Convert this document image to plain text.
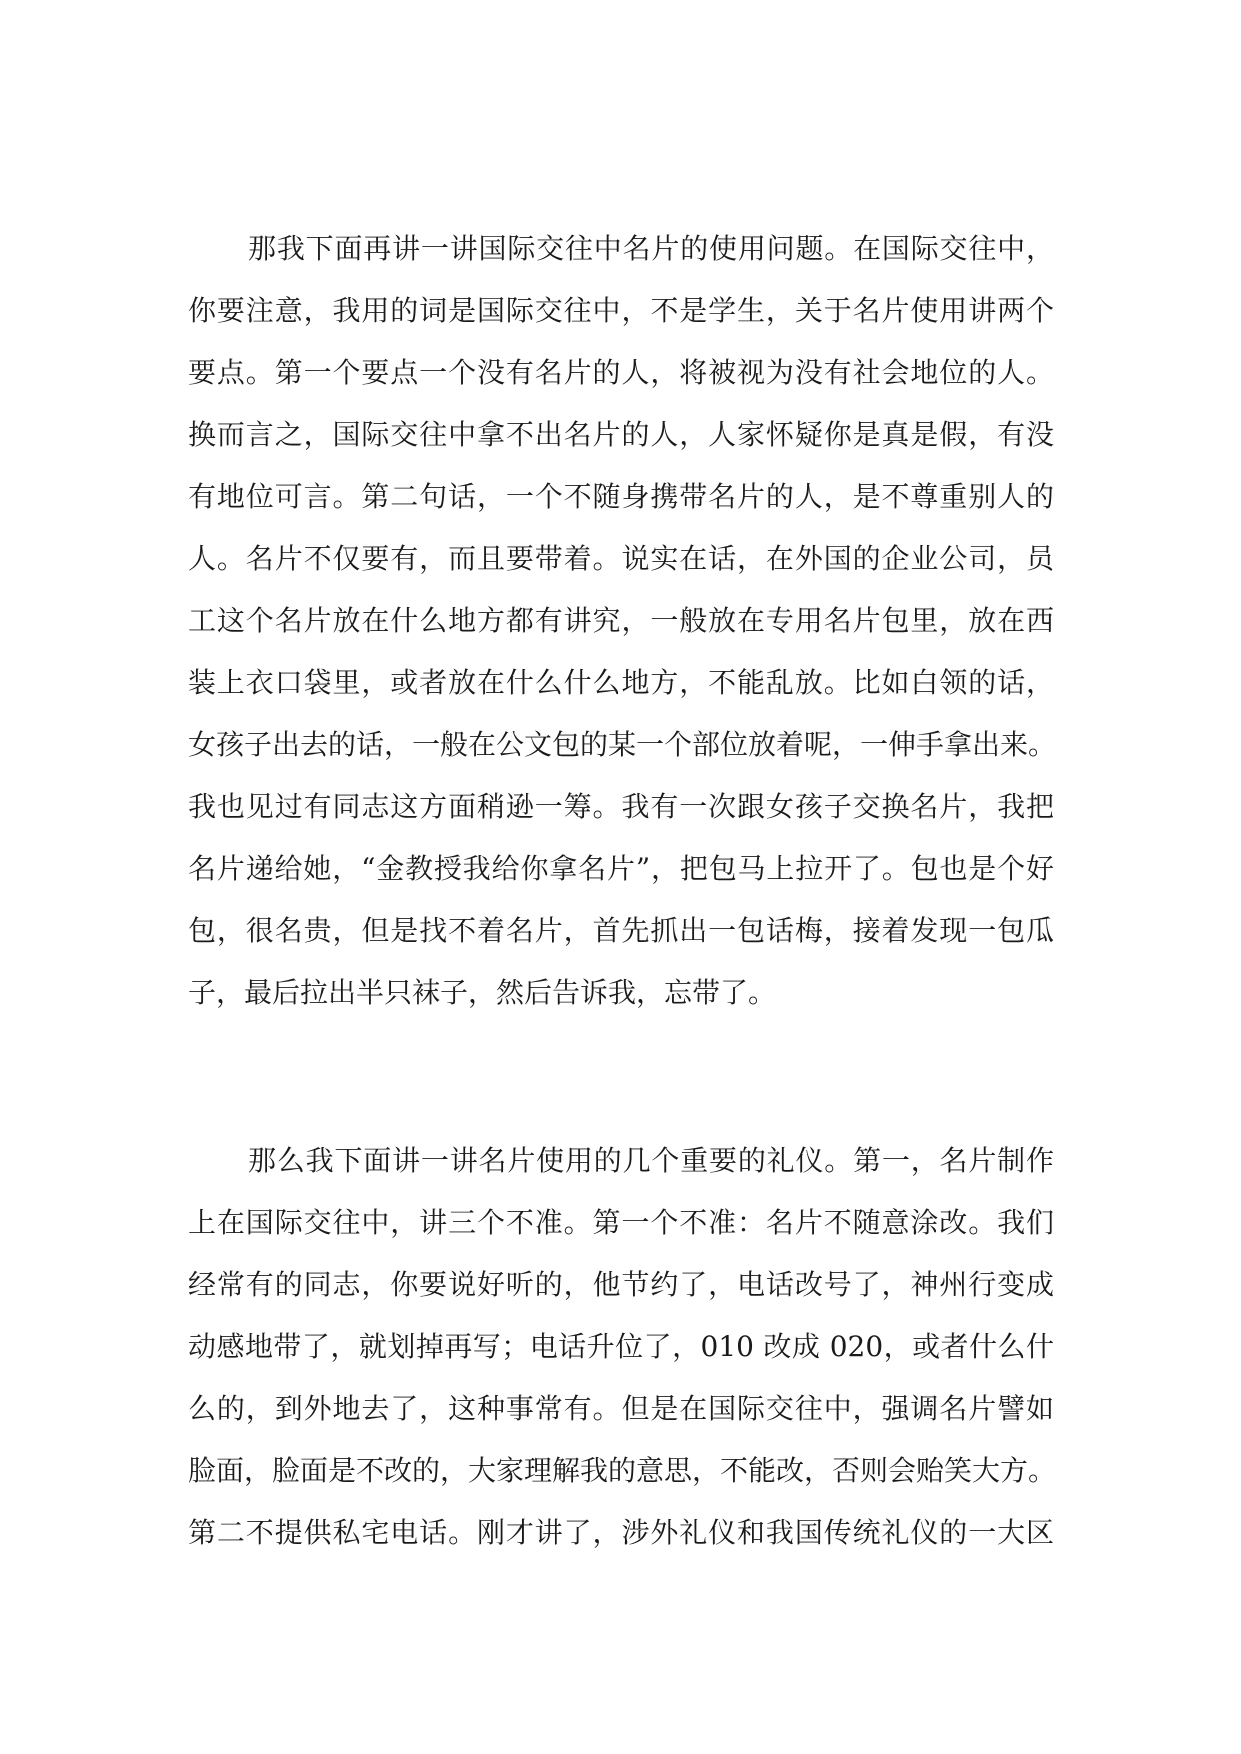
那我下面再讲一讲国际交往中名片的使用问题。在国际交往中，
你要注意，我用的词是国际交往中，不是学生，关于名片使用讲两个
要点。第一个要点一个没有名片的人，将被视为没有社会地位的人。
换而言之，国际交往中拿不出名片的人，人家怀疑你是真是假，有没
有地位可言。第二句话，一个不随身携带名片的人，是不尊重别人的
人。名片不仅要有，而且要带着。说实在话，在外国的企业公司，员
工这个名片放在什么地方都有讲究，一般放在专用名片包里，放在西
装上衣口袋里，或者放在什么什么地方，不能乱放。比如白领的话，
女孩子出去的话，一般在公文包的某一个部位放着呢，一伸手拿出来。
我也见过有同志这方面稍逊一筹。我有一次跟女孩子交换名片，我把
名片递给她，“金教授我给你拿名片”，把包马上拉开了。包也是个好
包，很名贵，但是找不着名片，首先抓出一包话梅，接着发现一包瓜
子，最后拉出半只袜子，然后告诉我，忘带了。
那么我下面讲一讲名片使用的几个重要的礼仪。第一，名片制作
上在国际交往中，讲三个不准。第一个不准：名片不随意涂改。我们
经常有的同志，你要说好听的，他节约了，电话改号了，神州行变成
动感地带了，就划掉再写；电话升位了，010 改成 020，或者什么什
么的，到外地去了，这种事常有。但是在国际交往中，强调名片譬如
脸面，脸面是不改的，大家理解我的意思，不能改，否则会贻笑大方。
第二不提供私宅电话。刚才讲了，涉外礼仪和我国传统礼仪的一大区
